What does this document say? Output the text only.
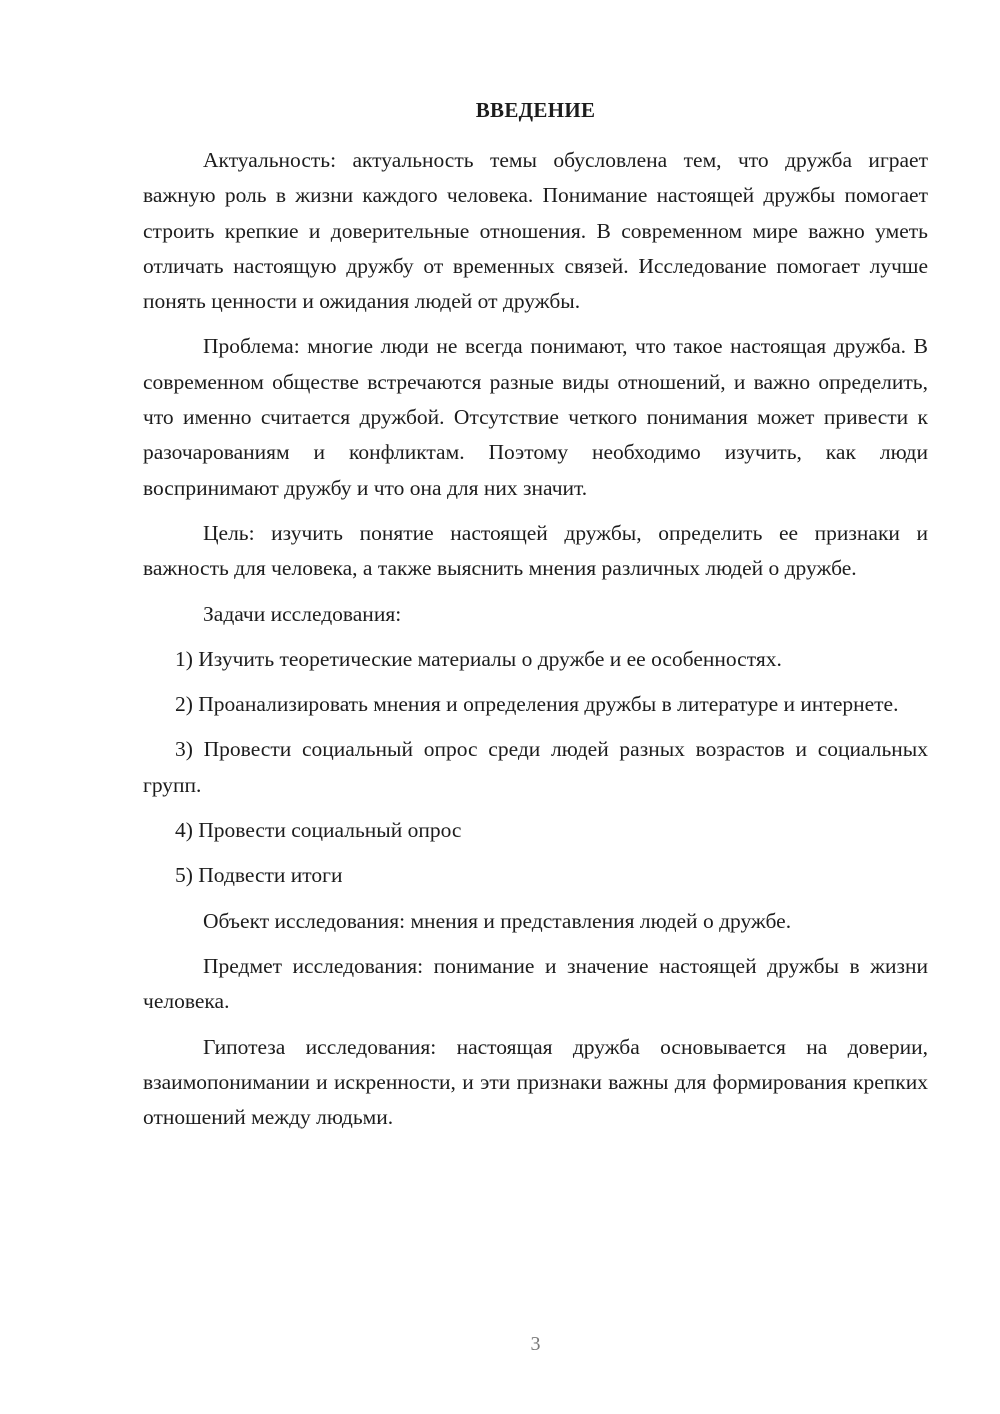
ВВЕДЕНИЕ

Актуальность: актуальность темы обусловлена тем, что дружба играет важную роль в жизни каждого человека. Понимание настоящей дружбы помогает строить крепкие и доверительные отношения. В современном мире важно уметь отличать настоящую дружбу от временных связей. Исследование помогает лучше понять ценности и ожидания людей от дружбы.

Проблема: многие люди не всегда понимают, что такое настоящая дружба. В современном обществе встречаются разные виды отношений, и важно определить, что именно считается дружбой. Отсутствие четкого понимания может привести к разочарованиям и конфликтам. Поэтому необходимо изучить, как люди воспринимают дружбу и что она для них значит.

Цель: изучить понятие настоящей дружбы, определить ее признаки и важность для человека, а также выяснить мнения различных людей о дружбе.

Задачи исследования:

1) Изучить теоретические материалы о дружбе и ее особенностях.

2) Проанализировать мнения и определения дружбы в литературе и интернете.

3) Провести социальный опрос среди людей разных возрастов и социальных групп.

4) Провести социальный опрос

5) Подвести итоги

Объект исследования: мнения и представления людей о дружбе.

Предмет исследования: понимание и значение настоящей дружбы в жизни человека.

Гипотеза исследования: настоящая дружба основывается на доверии, взаимопонимании и искренности, и эти признаки важны для формирования крепких отношений между людьми.

3
